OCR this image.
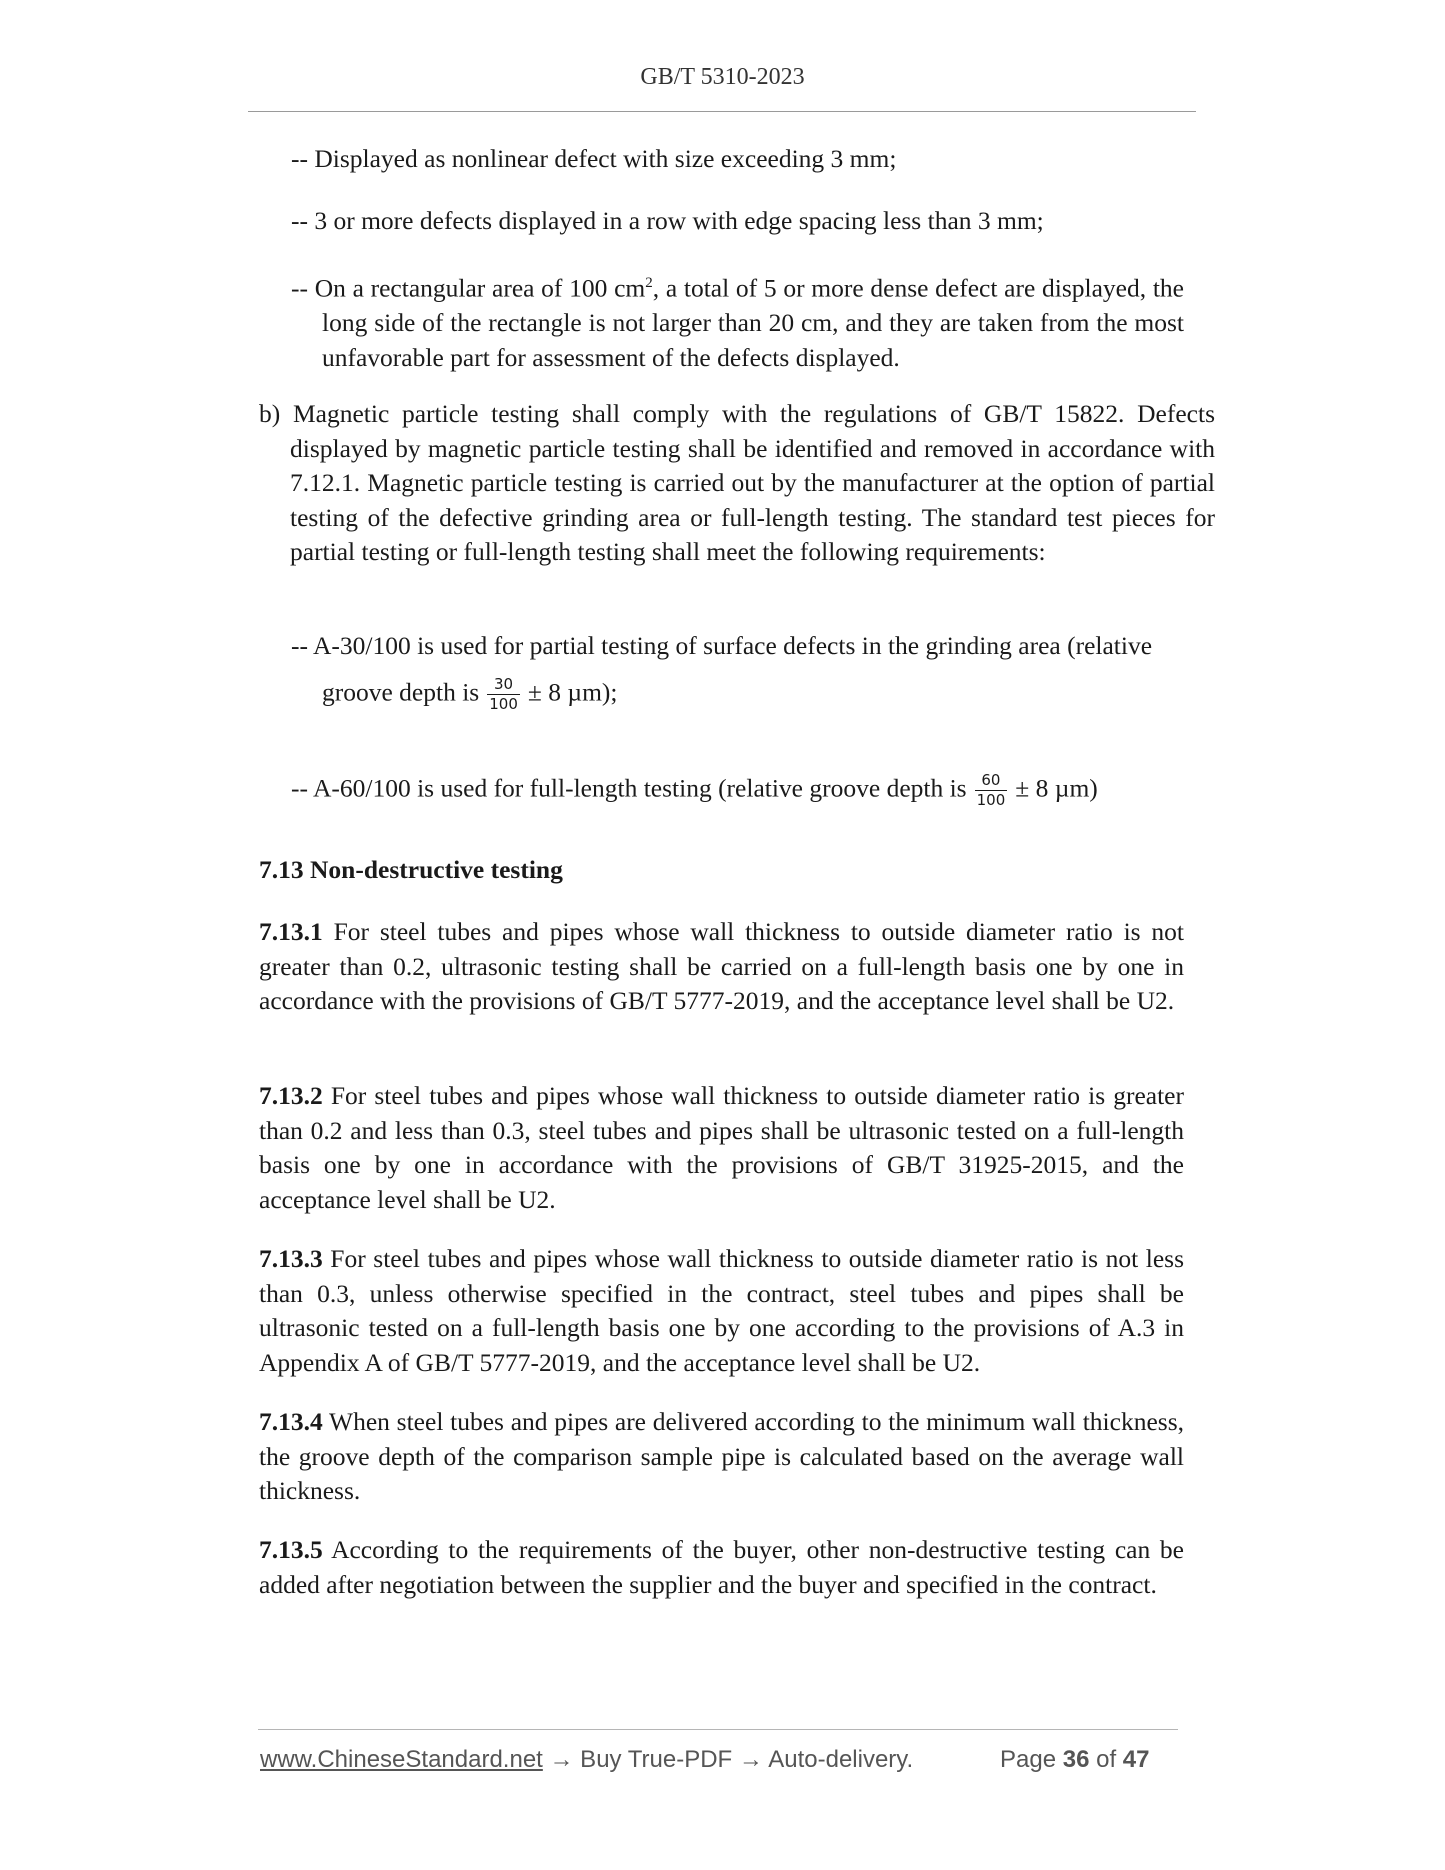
GB/T 5310-2023

-- Displayed as nonlinear defect with size exceeding 3 mm;

-- 3 or more defects displayed in a row with edge spacing less than 3 mm;

-- On a rectangular area of 100 $cm^2$, a total of 5 or more dense defect are displayed, the long side of the rectangle is not larger than 20 cm, and they are taken from the most unfavorable part for assessment of the defects displayed.

b) Magnetic particle testing shall comply with the regulations of GB/T 15822. Defects displayed by magnetic particle testing shall be identified and removed in accordance with 7.12.1. Magnetic particle testing is carried out by the manufacturer at the option of partial testing of the defective grinding area or full-length testing. The standard test pieces for partial testing or full-length testing shall meet the following requirements:

-- A-30/100 is used for partial testing of surface defects in the grinding area (relative

groove depth is $\frac{30}{100} \pm 8$ µm);

-- A-60/100 is used for full-length testing (relative groove depth is $\frac{60}{100} \pm 8$ µm)

7.13 Non-destructive testing

7.13.1 For steel tubes and pipes whose wall thickness to outside diameter ratio is not greater than 0.2, ultrasonic testing shall be carried on a full-length basis one by one in accordance with the provisions of GB/T 5777-2019, and the acceptance level shall be U2.

7.13.2 For steel tubes and pipes whose wall thickness to outside diameter ratio is greater than 0.2 and less than 0.3, steel tubes and pipes shall be ultrasonic tested on a full-length basis one by one in accordance with the provisions of GB/T 31925-2015, and the acceptance level shall be U2.

7.13.3 For steel tubes and pipes whose wall thickness to outside diameter ratio is not less than 0.3, unless otherwise specified in the contract, steel tubes and pipes shall be ultrasonic tested on a full-length basis one by one according to the provisions of A.3 in Appendix A of GB/T 5777-2019, and the acceptance level shall be U2.

7.13.4 When steel tubes and pipes are delivered according to the minimum wall thickness, the groove depth of the comparison sample pipe is calculated based on the average wall thickness.

7.13.5 According to the requirements of the buyer, other non-destructive testing can be added after negotiation between the supplier and the buyer and specified in the contract.

www.ChineseStandard.net → Buy True-PDF → Auto-delivery.	Page 36 of 47
